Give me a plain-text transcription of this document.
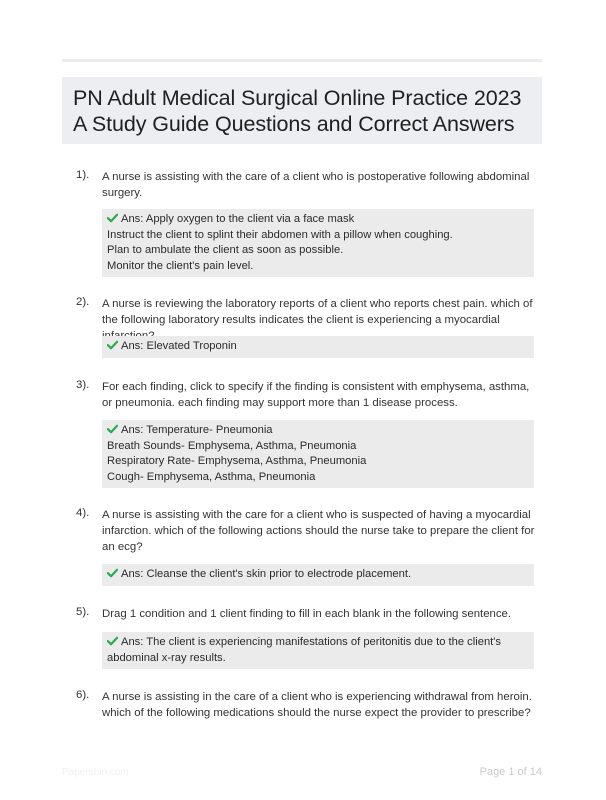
PN Adult Medical Surgical Online Practice 2023
A Study Guide Questions and Correct Answers
1). A nurse is assisting with the care of a client who is postoperative following abdominal surgery.
Ans: Apply oxygen to the client via a face mask
Instruct the client to splint their abdomen with a pillow when coughing.
Plan to ambulate the client as soon as possible.
Monitor the client's pain level.
2). A nurse is reviewing the laboratory reports of a client who reports chest pain. which of the following laboratory results indicates the client is experiencing a myocardial
Ans: Elevated Troponin
3). For each finding, click to specify if the finding is consistent with emphysema, asthma, or pneumonia. each finding may support more than 1 disease process.
Ans: Temperature- Pneumonia
Breath Sounds- Emphysema, Asthma, Pneumonia
Respiratory Rate- Emphysema, Asthma, Pneumonia
Cough- Emphysema, Asthma, Pneumonia
4). A nurse is assisting with the care for a client who is suspected of having a myocardial infarction. which of the following actions should the nurse take to prepare the client for an ecg?
Ans: Cleanse the client's skin prior to electrode placement.
5). Drag 1 condition and 1 client finding to fill in each blank in the following sentence.
Ans: The client is experiencing manifestations of peritonitis due to the client's
abdominal x-ray results.
6). A nurse is assisting in the care of a client who is experiencing withdrawal from heroin. which of the following medications should the nurse expect the provider to prescribe?
Papersbin.com	Page 1 of 14
